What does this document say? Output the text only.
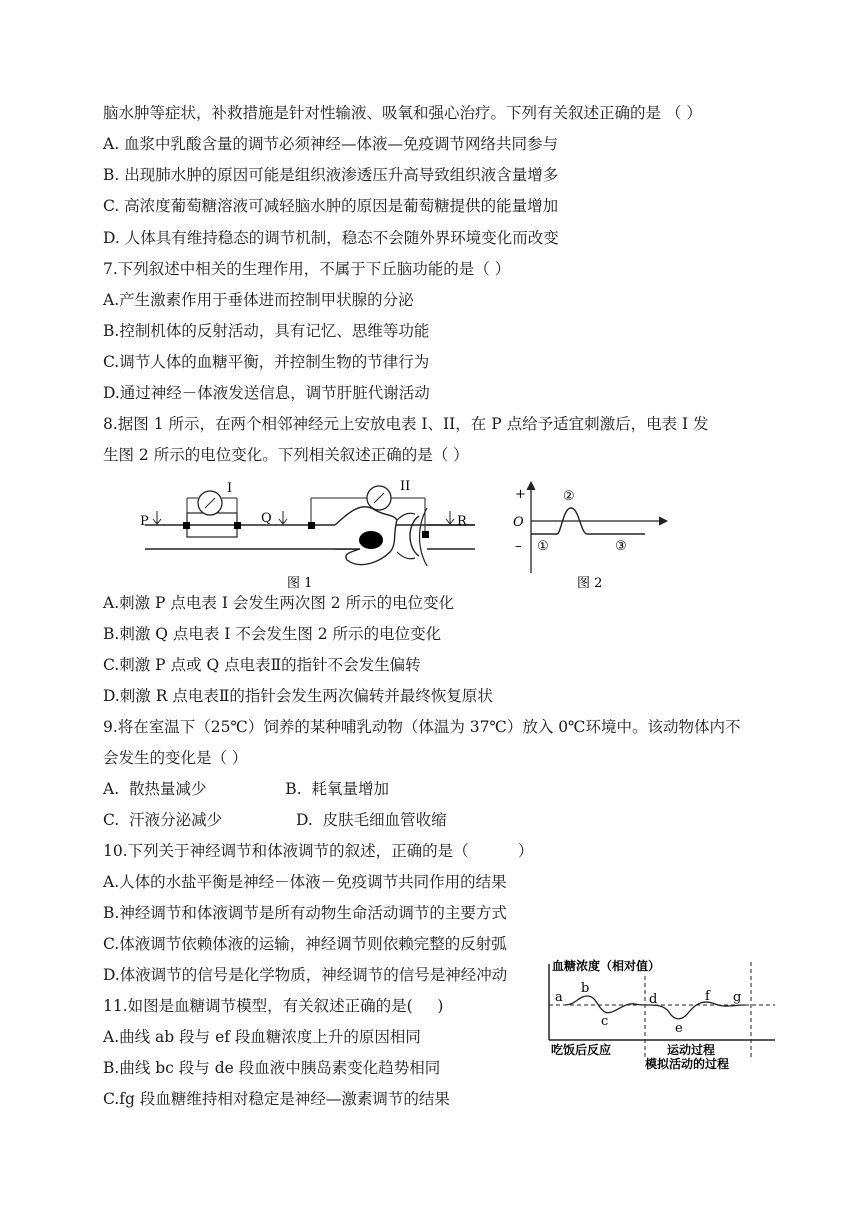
脑水肿等症状，补救措施是针对性输液、吸氧和强心治疗。下列有关叙述正确的是 （ ）
A. 血浆中乳酸含量的调节必须神经—体液—免疫调节网络共同参与
B. 出现肺水肿的原因可能是组织液渗透压升高导致组织液含量增多
C. 高浓度葡萄糖溶液可减轻脑水肿的原因是葡萄糖提供的能量增加
D. 人体具有维持稳态的调节机制，稳态不会随外界环境变化而改变
7.下列叙述中相关的生理作用，不属于下丘脑功能的是（ ）
A.产生激素作用于垂体进而控制甲状腺的分泌
B.控制机体的反射活动，具有记忆、思维等功能
C.调节人体的血糖平衡，并控制生物的节律行为
D.通过神经－体液发送信息，调节肝脏代谢活动
8.据图 1 所示，在两个相邻神经元上安放电表 I、II，在 P 点给予适宜刺激后，电表 I 发
生图 2 所示的电位变化。下列相关叙述正确的是（ ）
I
P	Q
II
R
图 1
+
O
– ①
②
③
图 2
A.刺激 P 点电表 I 会发生两次图 2 所示的电位变化
B.刺激 Q 点电表 I 不会发生图 2 所示的电位变化
C.刺激 P 点或 Q 点电表Ⅱ的指针不会发生偏转
D.刺激 R 点电表Ⅱ的指针会发生两次偏转并最终恢复原状
9.将在室温下（25℃）饲养的某种哺乳动物（体温为 37℃）放入 0℃环境中。该动物体内不
会发生的变化是（ ）
A.  散热量减少                B.  耗氧量增加
C.  汗液分泌减少               D.  皮肤毛细血管收缩
10.下列关于神经调节和体液调节的叙述，正确的是（          ）
A.人体的水盐平衡是神经－体液－免疫调节共同作用的结果
B.神经调节和体液调节是所有动物生命活动调节的主要方式
C.体液调节依赖体液的运输，神经调节则依赖完整的反射弧
D.体液调节的信号是化学物质，神经调节的信号是神经冲动
11.如图是血糖调节模型，有关叙述正确的是(     )
A.曲线 ab 段与 ef 段血糖浓度上升的原因相同
B.曲线 bc 段与 de 段血液中胰岛素变化趋势相同
C.fg 段血糖维持相对稳定是神经—激素调节的结果
血糖浓度（相对值）
a
b
c
d
e
f g
吃饭后反应	运动过程
模拟活动的过程
